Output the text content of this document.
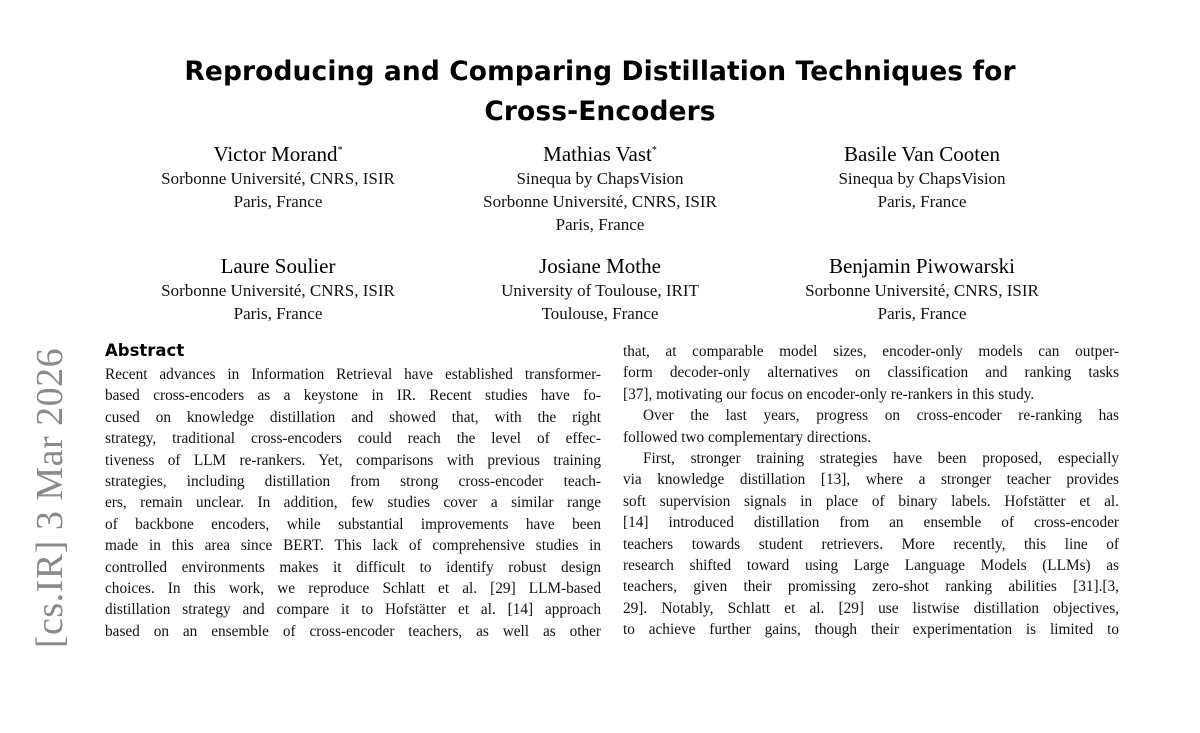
[cs.IR] 3 Mar 2026
Reproducing and Comparing Distillation Techniques for
Cross-Encoders
Victor Morand*
Sorbonne Université, CNRS, ISIR
Paris, France
Mathias Vast*
Sinequa by ChapsVision
Sorbonne Université, CNRS, ISIR
Paris, France
Basile Van Cooten
Sinequa by ChapsVision
Paris, France
Laure Soulier
Sorbonne Université, CNRS, ISIR
Paris, France
Josiane Mothe
University of Toulouse, IRIT
Toulouse, France
Benjamin Piwowarski
Sorbonne Université, CNRS, ISIR
Paris, France
Abstract
Recent advances in Information Retrieval have established transformer-
based cross-encoders as a keystone in IR. Recent studies have fo-
cused on knowledge distillation and showed that, with the right
strategy, traditional cross-encoders could reach the level of effec-
tiveness of LLM re-rankers. Yet, comparisons with previous training
strategies, including distillation from strong cross-encoder teach-
ers, remain unclear. In addition, few studies cover a similar range
of backbone encoders, while substantial improvements have been
made in this area since BERT. This lack of comprehensive studies in
controlled environments makes it difficult to identify robust design
choices. In this work, we reproduce Schlatt et al. [29] LLM-based
distillation strategy and compare it to Hofstätter et al. [14] approach
based on an ensemble of cross-encoder teachers, as well as other
that, at comparable model sizes, encoder-only models can outper-
form decoder-only alternatives on classification and ranking tasks
[37], motivating our focus on encoder-only re-rankers in this study.
Over the last years, progress on cross-encoder re-ranking has
followed two complementary directions.
First, stronger training strategies have been proposed, especially
via knowledge distillation [13], where a stronger teacher provides
soft supervision signals in place of binary labels. Hofstätter et al.
[14] introduced distillation from an ensemble of cross-encoder
teachers towards student retrievers. More recently, this line of
research shifted toward using Large Language Models (LLMs) as
teachers, given their promissing zero-shot ranking abilities [31].[3,
29]. Notably, Schlatt et al. [29] use listwise distillation objectives,
to achieve further gains, though their experimentation is limited to
